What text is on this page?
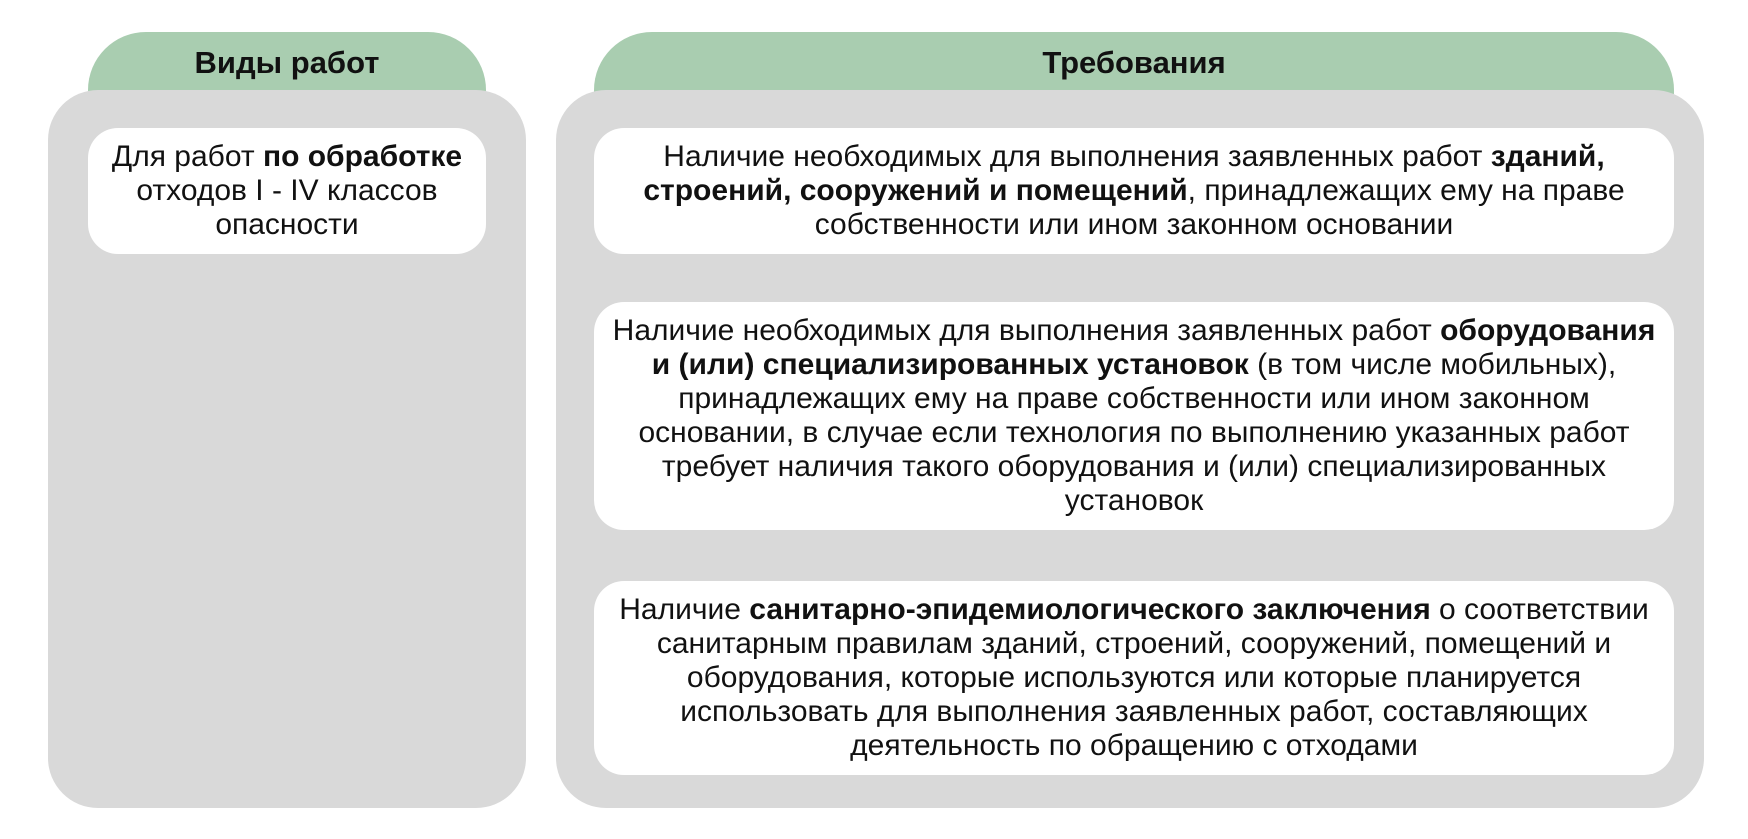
Виды работ

Для работ по обработке отходов I - IV классов опасности

Требования

Наличие необходимых для выполнения заявленных работ зданий, строений, сооружений и помещений, принадлежащих ему на праве собственности или ином законном основании

Наличие необходимых для выполнения заявленных работ оборудования и (или) специализированных установок (в том числе мобильных), принадлежащих ему на праве собственности или ином законном основании, в случае если технология по выполнению указанных работ требует наличия такого оборудования и (или) специализированных установок

Наличие санитарно-эпидемиологического заключения о соответствии санитарным правилам зданий, строений, сооружений, помещений и оборудования, которые используются или которые планируется использовать для выполнения заявленных работ, составляющих деятельность по обращению с отходами
